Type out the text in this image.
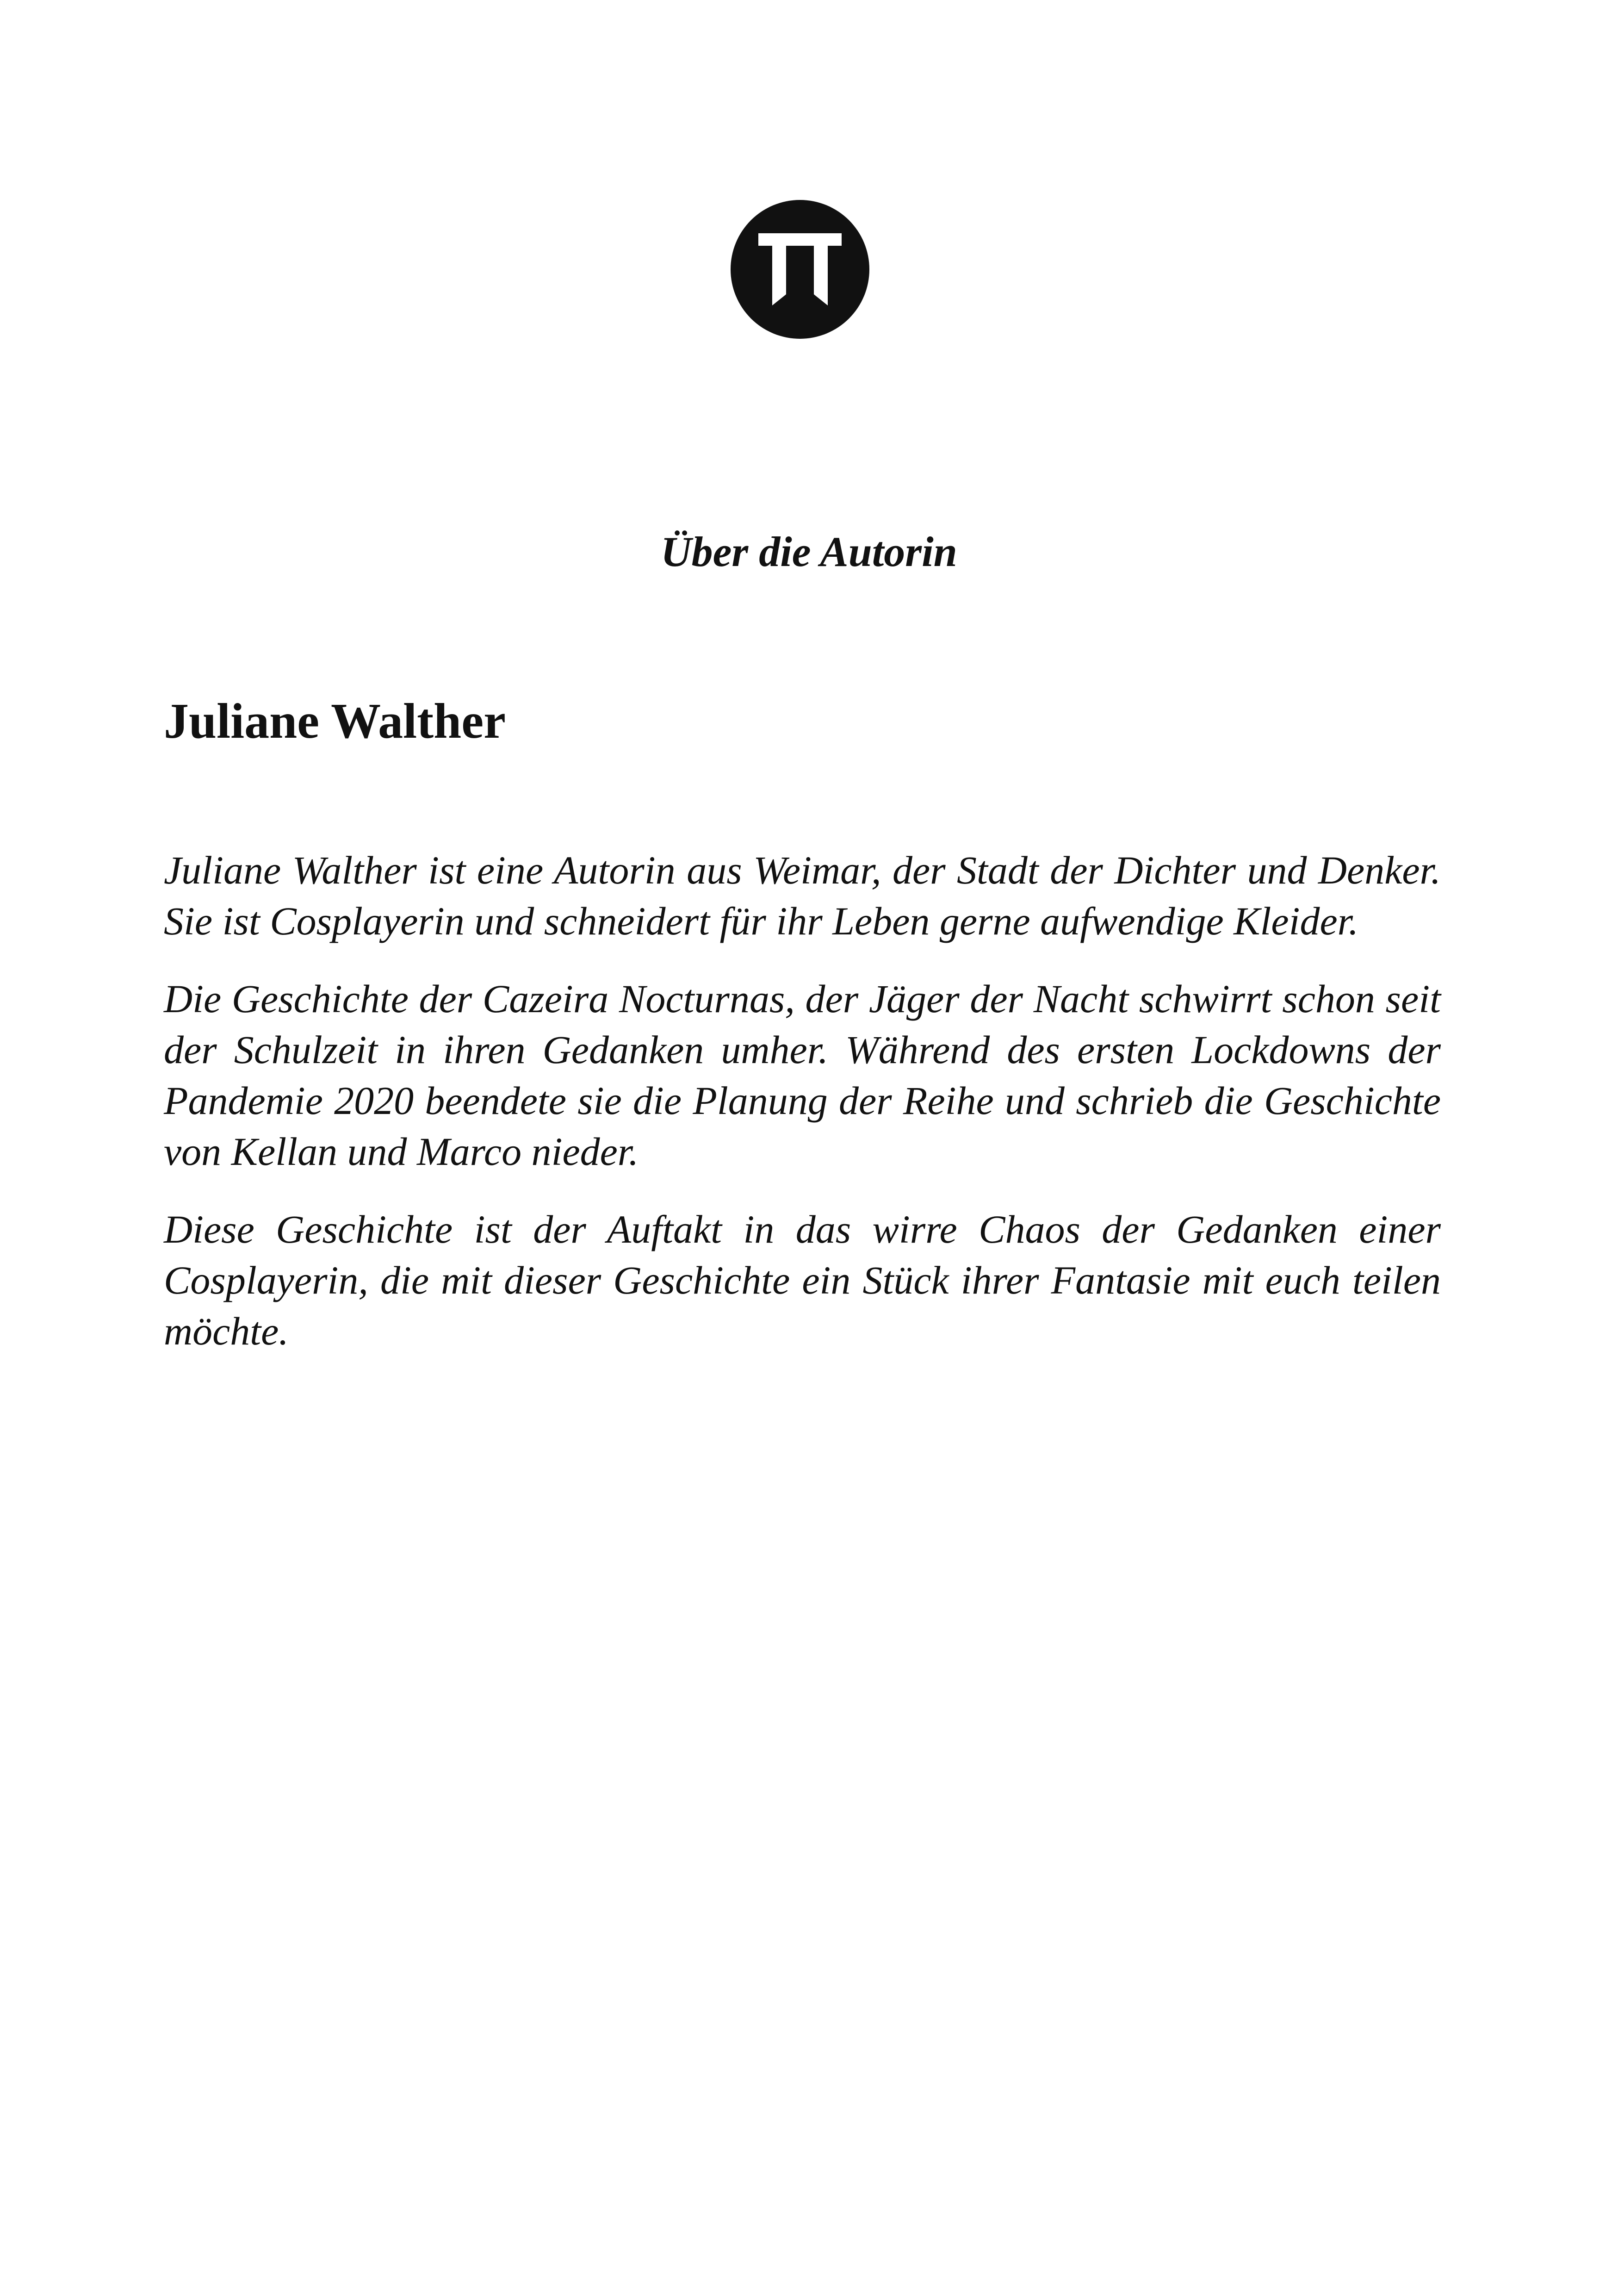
Über die Autorin
Juliane Walther

Juliane Walther ist eine Autorin aus Weimar, der Stadt der Dichter und Denker. Sie ist Cosplayerin und schneidert für ihr Leben gerne aufwendige Kleider.

Die Geschichte der Cazeira Nocturnas, der Jäger der Nacht schwirrt schon seit der Schulzeit in ihren Gedanken umher. Während des ersten Lockdowns der Pandemie 2020 beendete sie die Planung der Reihe und schrieb die Geschichte von Kellan und Marco nieder.

Diese Geschichte ist der Auftakt in das wirre Chaos der Gedanken einer Cosplayerin, die mit dieser Geschichte ein Stück ihrer Fantasie mit euch teilen möchte.
